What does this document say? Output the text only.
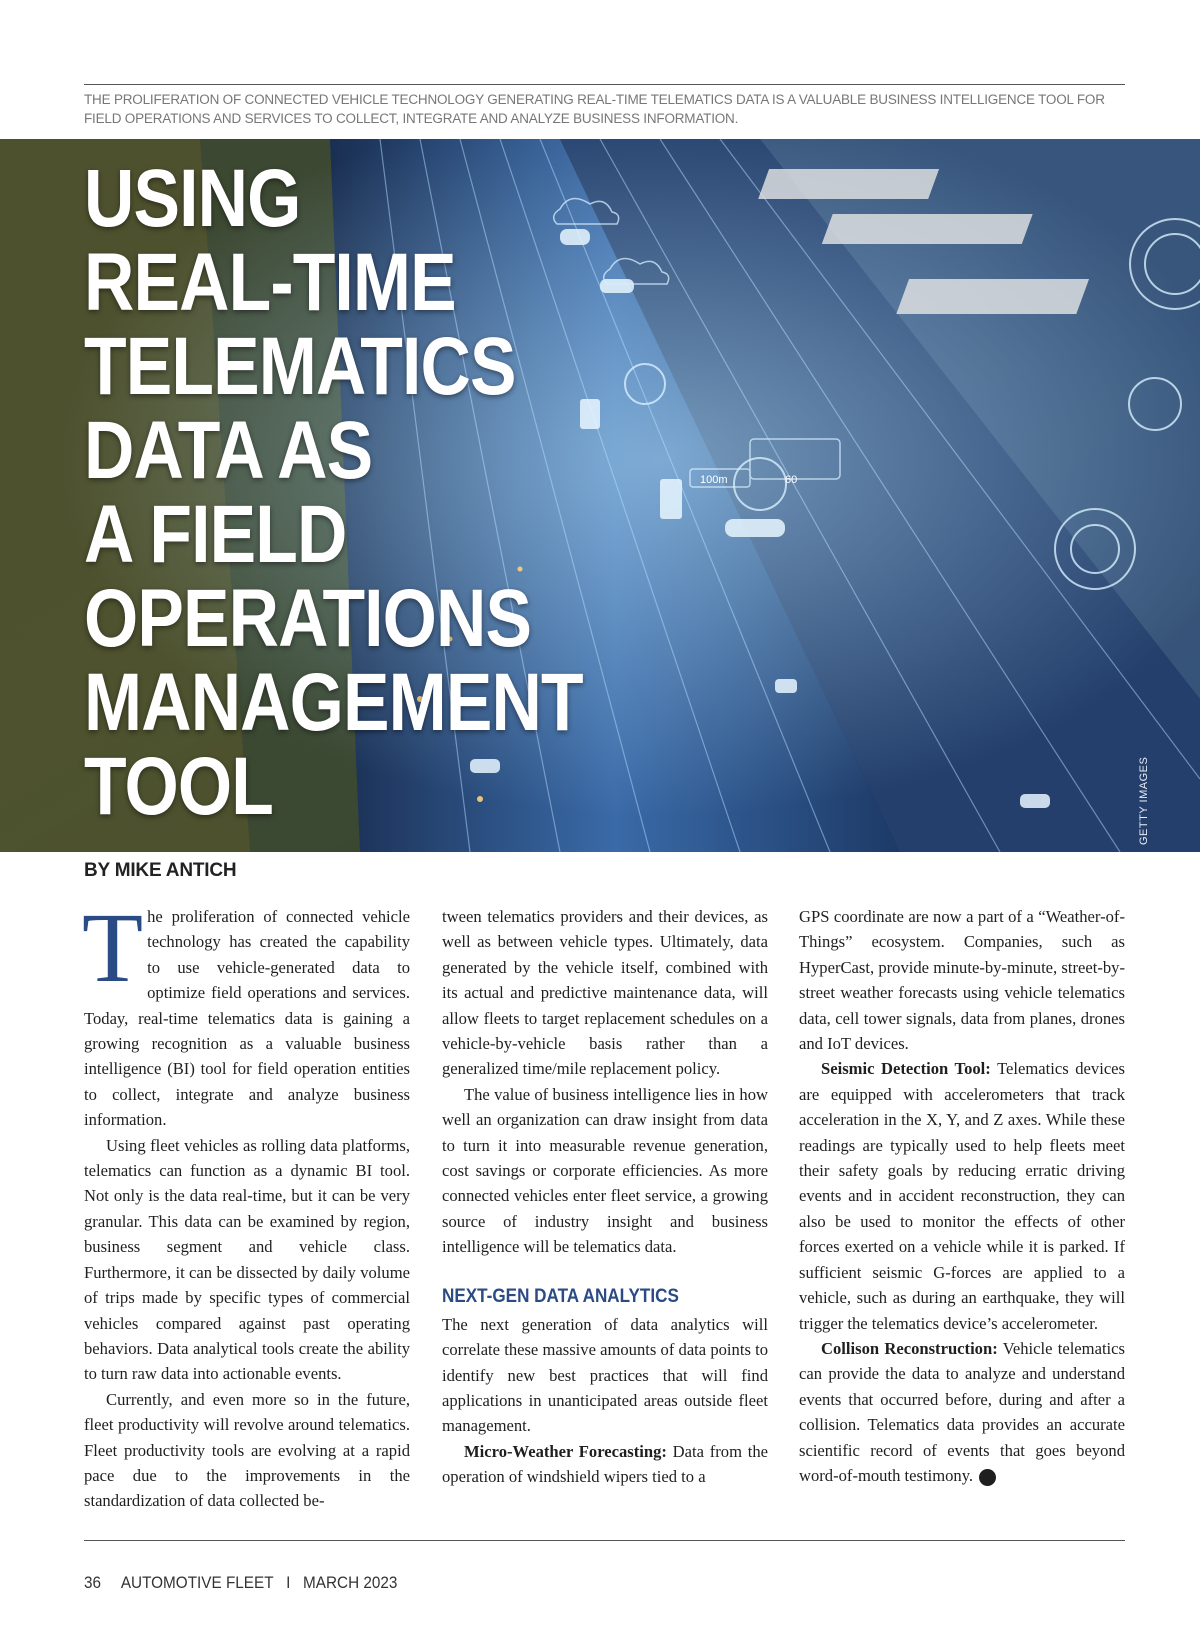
THE PROLIFERATION OF CONNECTED VEHICLE TECHNOLOGY GENERATING REAL-TIME TELEMATICS DATA IS A VALUABLE BUSINESS INTELLIGENCE TOOL FOR FIELD OPERATIONS AND SERVICES TO COLLECT, INTEGRATE AND ANALYZE BUSINESS INFORMATION.
100m	60
USING
REAL-TIME
TELEMATICS
DATA AS
A FIELD
OPERATIONS
MANAGEMENT
TOOL	GETTY IMAGES
BY MIKE ANTICH

The proliferation of connected vehicle technology has created the capability to use vehicle-generated data to optimize field operations and services. Today, real-time telematics data is gaining a growing recognition as a valuable business intelligence (BI) tool for field operation entities to collect, integrate and analyze business information.

Using fleet vehicles as rolling data platforms, telematics can function as a dynamic BI tool. Not only is the data real-time, but it can be very granular. This data can be examined by region, business segment and vehicle class. Furthermore, it can be dissected by daily volume of trips made by specific types of commercial vehicles compared against past operating behaviors. Data analytical tools create the ability to turn raw data into actionable events.

Currently, and even more so in the future, fleet productivity will revolve around telematics. Fleet productivity tools are evolving at a rapid pace due to the improvements in the standardization of data collected be-

tween telematics providers and their devices, as well as between vehicle types. Ultimately, data generated by the vehicle itself, combined with its actual and predictive maintenance data, will allow fleets to target replacement schedules on a vehicle-by-vehicle basis rather than a generalized time/mile replacement policy.

The value of business intelligence lies in how well an organization can draw insight from data to turn it into measurable revenue generation, cost savings or corporate efficiencies. As more connected vehicles enter fleet service, a growing source of industry insight and business intelligence will be telematics data.

NEXT-GEN DATA ANALYTICS

The next generation of data analytics will correlate these massive amounts of data points to identify new best practices that will find applications in unanticipated areas outside fleet management.

Micro-Weather Forecasting: Data from the operation of windshield wipers tied to a

GPS coordinate are now a part of a “Weather-of-Things” ecosystem. Companies, such as HyperCast, provide minute-by-minute, street-by-street weather forecasts using vehicle telematics data, cell tower signals, data from planes, drones and IoT devices.

Seismic Detection Tool: Telematics devices are equipped with accelerometers that track acceleration in the X, Y, and Z axes. While these readings are typically used to help fleets meet their safety goals by reducing erratic driving events and in accident reconstruction, they can also be used to monitor the effects of other forces exerted on a vehicle while it is parked. If sufficient seismic G-forces are applied to a vehicle, such as during an earthquake, they will trigger the telematics device’s accelerometer.

Collison Reconstruction: Vehicle telematics can provide the data to analyze and understand events that occurred before, during and after a collision. Telematics data provides an accurate scientific record of events that goes beyond word-of-mouth testimony.	AF

36 AUTOMOTIVE FLEET I MARCH 2023
